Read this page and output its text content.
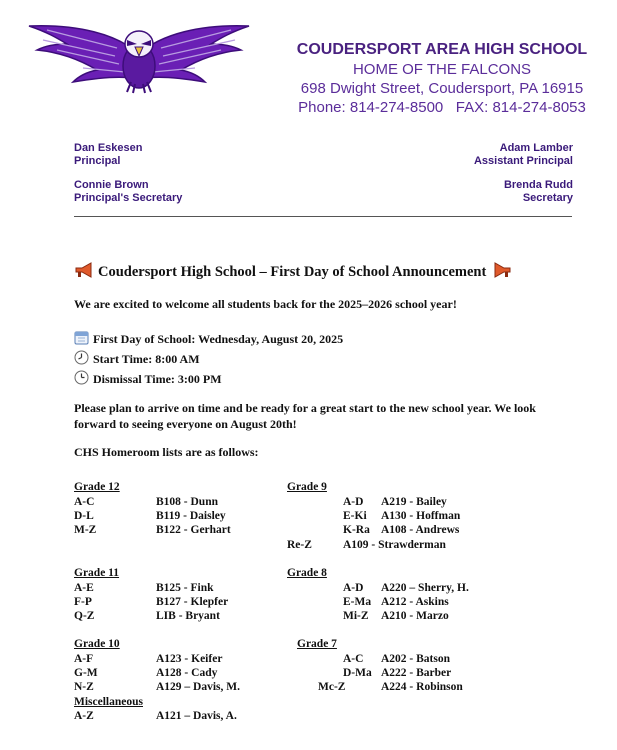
COUDERSPORT AREA HIGH SCHOOL
HOME OF THE FALCONS
698 Dwight Street, Coudersport, PA 16915
Phone: 814-274-8500   FAX: 814-274-8053
Dan Eskesen
Principal
Adam Lamber
Assistant Principal
Connie Brown
Principal's Secretary
Brenda Rudd
Secretary
Coudersport High School – First Day of School Announcement
We are excited to welcome all students back for the 2025–2026 school year!
First Day of School: Wednesday, August 20, 2025
Start Time: 8:00 AM
Dismissal Time: 3:00 PM
Please plan to arrive on time and be ready for a great start to the new school year. We look
forward to seeing everyone on August 20th!
CHS Homeroom lists are as follows:
Grade 12
A-C	B108 - Dunn
D-L	B119 - Daisley
M-Z	B122 - Gerhart
Grade 11
A-E	B125 - Fink
F-P	B127 - Klepfer
Q-Z	LIB - Bryant
Grade 10
A-F	A123 - Keifer
G-M	A128 - Cady
N-Z	A129 – Davis, M.
Miscellaneous
A-Z	A121 – Davis, A.
Grade 9
A-D A219 - Bailey
E-Ki A130 - Hoffman
K-Ra A108 - Andrews
Re-Z	A109 - Strawderman
Grade 8
A-D A220 – Sherry, H.
E-Ma A212 - Askins
Mi-Z A210 - Marzo
Grade 7
A-C A202 - Batson
D-Ma A222 - Barber
Mc-Z	A224 - Robinson
